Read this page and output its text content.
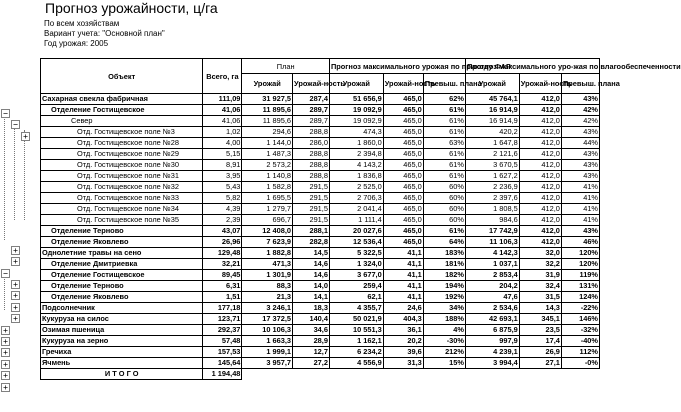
Прогноз урожайности, ц/га
По всем хозяйствам
Вариант учета: "Основной план"
Год урожая: 2005
−
−
+
+
+
−
+
+
+
+
+
+
+
+
+
+
Объект	Всего, га	План		Прогноз максимального урожая по приходу ФАР			Прогноз максимального уро-жая по влагообеспеченности		
		Урожай	Урожай-ность	Урожай	Урожай-ность	Превыш. плана	Урожай	Урожай-ность	Превыш. плана
Сахарная свекла фабричная	111,09	31 927,5	287,4	51 656,9	465,0	62%	45 764,1	412,0	43%
Отделение Гостищевское	41,06	11 895,6	289,7	19 092,9	465,0	61%	16 914,9	412,0	42%
Север	41,06	11 895,6	289,7	19 092,9	465,0	61%	16 914,9	412,0	42%
Отд. Гостищевское поле №3	1,02	294,6	288,8	474,3	465,0	61%	420,2	412,0	43%
Отд. Гостищевское поле №28	4,00	1 144,0	286,0	1 860,0	465,0	63%	1 647,8	412,0	44%
Отд. Гостищевское поле №29	5,15	1 487,3	288,8	2 394,8	465,0	61%	2 121,6	412,0	43%
Отд. Гостищевское поле №30	8,91	2 573,2	288,8	4 143,2	465,0	61%	3 670,5	412,0	43%
Отд. Гостищевское поле №31	3,95	1 140,8	288,8	1 836,8	465,0	61%	1 627,2	412,0	43%
Отд. Гостищевское поле №32	5,43	1 582,8	291,5	2 525,0	465,0	60%	2 236,9	412,0	41%
Отд. Гостищевское поле №33	5,82	1 695,5	291,5	2 706,3	465,0	60%	2 397,6	412,0	41%
Отд. Гостищевское поле №34	4,39	1 279,7	291,5	2 041,4	465,0	60%	1 808,5	412,0	41%
Отд. Гостищевское поле №35	2,39	696,7	291,5	1 111,4	465,0	60%	984,6	412,0	41%
Отделение Терново	43,07	12 408,0	288,1	20 027,6	465,0	61%	17 742,9	412,0	43%
Отделение Яковлево	26,96	7 623,9	282,8	12 536,4	465,0	64%	11 106,3	412,0	46%
Однолетние травы на сено	129,48	1 882,8	14,5	5 322,5	41,1	183%	4 142,3	32,0	120%
Отделение Дмитриевка	32,21	471,3	14,6	1 324,0	41,1	181%	1 037,1	32,2	120%
Отделение Гостищевское	89,45	1 301,9	14,6	3 677,0	41,1	182%	2 853,4	31,9	119%
Отделение Терново	6,31	88,3	14,0	259,4	41,1	194%	204,2	32,4	131%
Отделение Яковлево	1,51	21,3	14,1	62,1	41,1	192%	47,6	31,5	124%
Подсолнечник	177,18	3 246,1	18,3	4 355,7	24,6	34%	2 534,6	14,3	-22%
Кукуруза на силос	123,71	17 372,5	140,4	50 021,9	404,3	188%	42 693,1	345,1	146%
Озимая пшеница	292,37	10 106,3	34,6	10 551,3	36,1	4%	6 875,9	23,5	-32%
Кукуруза на зерно	57,48	1 663,3	28,9	1 162,1	20,2	-30%	997,9	17,4	-40%
Гречиха	157,53	1 999,1	12,7	6 234,2	39,6	212%	4 239,1	26,9	112%
Ячмень	145,64	3 957,7	27,2	4 556,9	31,3	15%	3 994,4	27,1	-0%
И Т О Г О	1 194,48								
